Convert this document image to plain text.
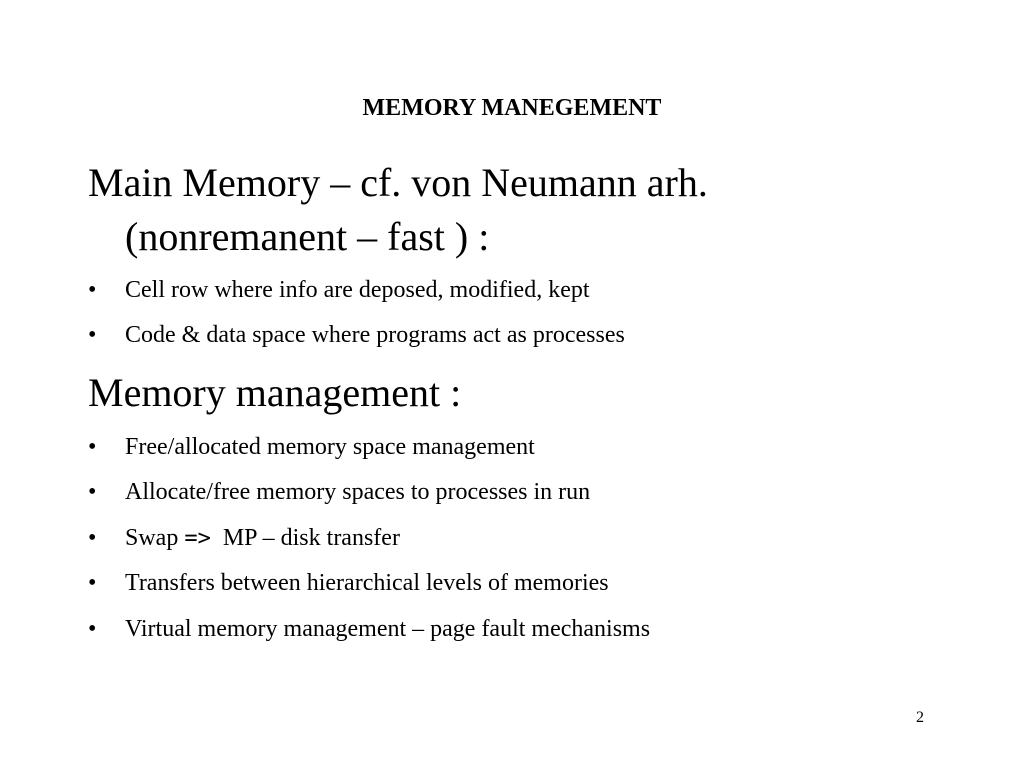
MEMORY MANEGEMENT
Main Memory – cf. von Neumann arh.
(nonremanent – fast ) :
•	Cell row where info are deposed, modified, kept
•	Code & data space where programs act as processes
Memory management :
•	Free/allocated memory space management
•	Allocate/free memory spaces to processes in run
•	Swap =>  MP – disk transfer
•	Transfers between hierarchical levels of memories
•	Virtual memory management – page fault mechanisms
2
